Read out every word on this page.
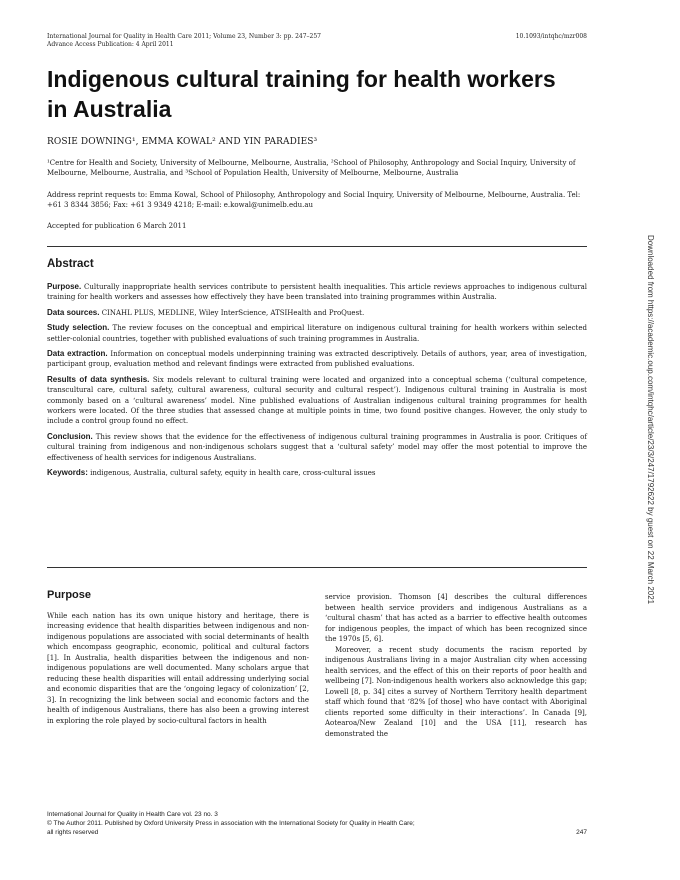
International Journal for Quality in Health Care 2011; Volume 23, Number 3: pp. 247–257
Advance Access Publication: 4 April 2011
10.1093/intqhc/mzr008
Indigenous cultural training for health workers in Australia
ROSIE DOWNING¹, EMMA KOWAL² AND YIN PARADIES³
¹Centre for Health and Society, University of Melbourne, Melbourne, Australia, ²School of Philosophy, Anthropology and Social Inquiry, University of Melbourne, Melbourne, Australia, and ³School of Population Health, University of Melbourne, Melbourne, Australia
Address reprint requests to: Emma Kowal, School of Philosophy, Anthropology and Social Inquiry, University of Melbourne, Melbourne, Australia. Tel: +61 3 8344 3856; Fax: +61 3 9349 4218; E-mail: e.kowal@unimelb.edu.au
Accepted for publication 6 March 2011
Abstract

Purpose. Culturally inappropriate health services contribute to persistent health inequalities. This article reviews approaches to indigenous cultural training for health workers and assesses how effectively they have been translated into training programmes within Australia.

Data sources. CINAHL PLUS, MEDLINE, Wiley InterScience, ATSIHealth and ProQuest.

Study selection. The review focuses on the conceptual and empirical literature on indigenous cultural training for health workers within selected settler-colonial countries, together with published evaluations of such training programmes in Australia.

Data extraction. Information on conceptual models underpinning training was extracted descriptively. Details of authors, year, area of investigation, participant group, evaluation method and relevant findings were extracted from published evaluations.

Results of data synthesis. Six models relevant to cultural training were located and organized into a conceptual schema (‘cultural competence, transcultural care, cultural safety, cultural awareness, cultural security and cultural respect’). Indigenous cultural training in Australia is most commonly based on a ‘cultural awareness’ model. Nine published evaluations of Australian indigenous cultural training programmes for health workers were located. Of the three studies that assessed change at multiple points in time, two found positive changes. However, the only study to include a control group found no effect.

Conclusion. This review shows that the evidence for the effectiveness of indigenous cultural training programmes in Australia is poor. Critiques of cultural training from indigenous and non-indigenous scholars suggest that a ‘cultural safety’ model may offer the most potential to improve the effectiveness of health services for indigenous Australians.

Keywords: indigenous, Australia, cultural safety, equity in health care, cross-cultural issues	Downloaded from https://academic.oup.com/intqhc/article/23/3/247/1792622 by guest on 22 March 2021
Purpose

While each nation has its own unique history and heritage, there is increasing evidence that health disparities between indigenous and non-indigenous populations are associated with social determinants of health which encompass geographic, economic, political and cultural factors [1]. In Australia, health disparities between the indigenous and non-indigenous populations are well documented. Many scholars argue that reducing these health disparities will entail addressing underlying social and economic disparities that are the ‘ongoing legacy of colonization’ [2, 3]. In recognizing the link between social and economic factors and the health of indigenous Australians, there has also been a growing interest in exploring the role played by socio-cultural factors in health

service provision. Thomson [4] describes the cultural differences between health service providers and indigenous Australians as a ‘cultural chasm’ that has acted as a barrier to effective health outcomes for indigenous peoples, the impact of which has been recognized since the 1970s [5, 6].

Moreover, a recent study documents the racism reported by indigenous Australians living in a major Australian city when accessing health services, and the effect of this on their reports of poor health and wellbeing [7]. Non-indigenous health workers also acknowledge this gap; Lowell [8, p. 34] cites a survey of Northern Territory health department staff which found that ‘82% [of those] who have contact with Aboriginal clients reported some difficulty in their interactions’. In Canada [9], Aotearoa/New Zealand [10] and the USA [11], research has demonstrated the

International Journal for Quality in Health Care vol. 23 no. 3
© The Author 2011. Published by Oxford University Press in association with the International Society for Quality in Health Care;
all rights reserved	247
